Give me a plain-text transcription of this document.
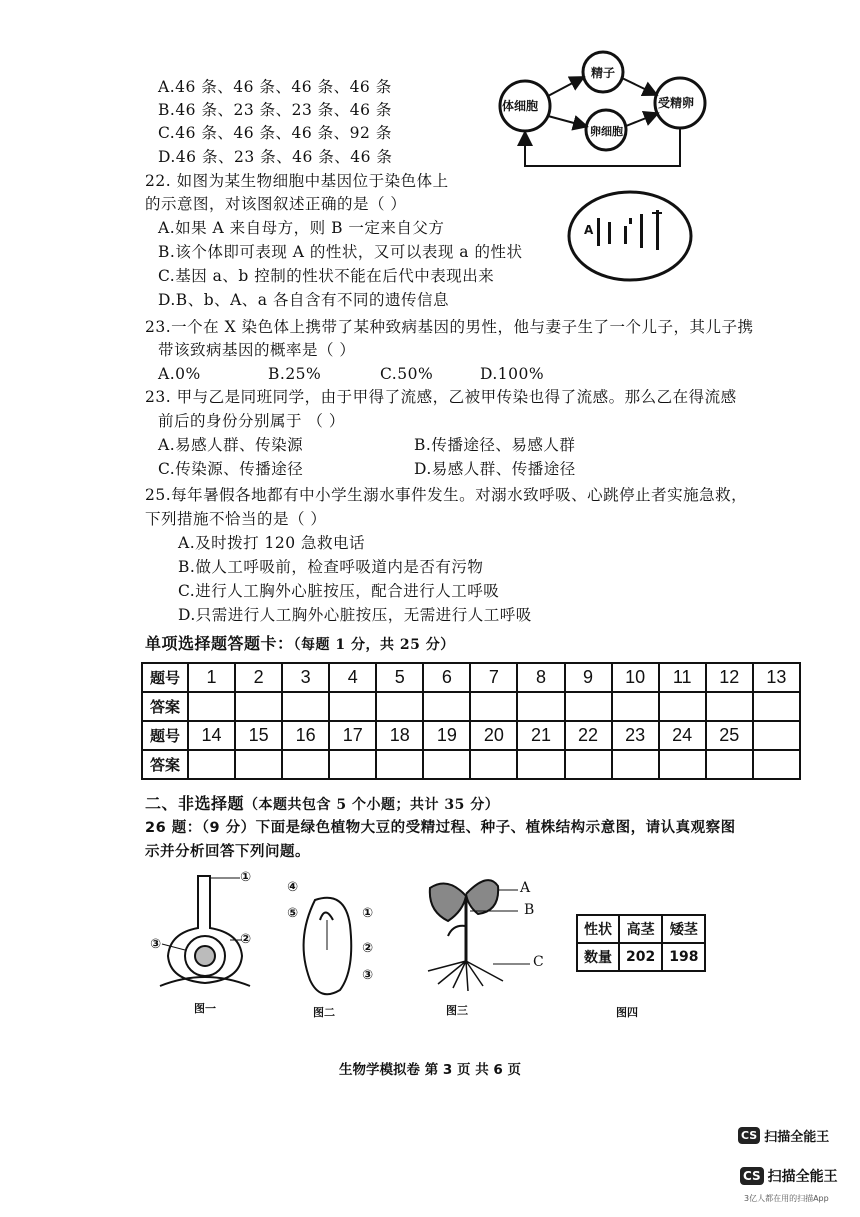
A.46 条、46 条、46 条、46 条
B.46 条、23 条、23 条、46 条
C.46 条、46 条、46 条、92 条
D.46 条、23 条、46 条、46 条
体细胞
精子
受精卵
卵细胞
22. 如图为某生物细胞中基因位于染色体上
的示意图，对该图叙述正确的是（ ）
A.如果 A 来自母方，则 B 一定来自父方
B.该个体即可表现 A 的性状，又可以表现 a 的性状
C.基因 a、b 控制的性状不能在后代中表现出来
D.B、b、A、a 各自含有不同的遗传信息
A
23.一个在 X 染色体上携带了某种致病基因的男性，他与妻子生了一个儿子，其儿子携
带该致病基因的概率是（ ）
A.0%	B.25%	C.50%	D.100%
23. 甲与乙是同班同学，由于甲得了流感，乙被甲传染也得了流感。那么乙在得流感
前后的身份分别属于 （ ）
A.易感人群、传染源	B.传播途径、易感人群
C.传染源、传播途径	D.易感人群、传播途径
25.每年暑假各地都有中小学生溺水事件发生。对溺水致呼吸、心跳停止者实施急救，
下列措施不恰当的是（ ）
A.及时拨打 120 急救电话
B.做人工呼吸前，检查呼吸道内是否有污物
C.进行人工胸外心脏按压，配合进行人工呼吸
D.只需进行人工胸外心脏按压，无需进行人工呼吸
单项选择题答题卡：（每题 1 分，共 25 分）
题号	1	2	3	4	5	6	7	8	9	10	11	12	13
答案													
题号	14	15	16	17	18	19	20	21	22	23	24	25	
答案													
二、非选择题（本题共包含 5 个小题；共计 35 分）
26 题：（9 分）下面是绿色植物大豆的受精过程、种子、植株结构示意图，请认真观察图
示并分析回答下列问题。
①
②
③
图一
④
⑤	①
②
③
图二
A
B
C
图三
性状	高茎	矮茎
数量	202	198
图四
生物学模拟卷 第 3 页 共 6 页
CS 扫描全能王
CS 扫描全能王
3亿人都在用的扫描App
